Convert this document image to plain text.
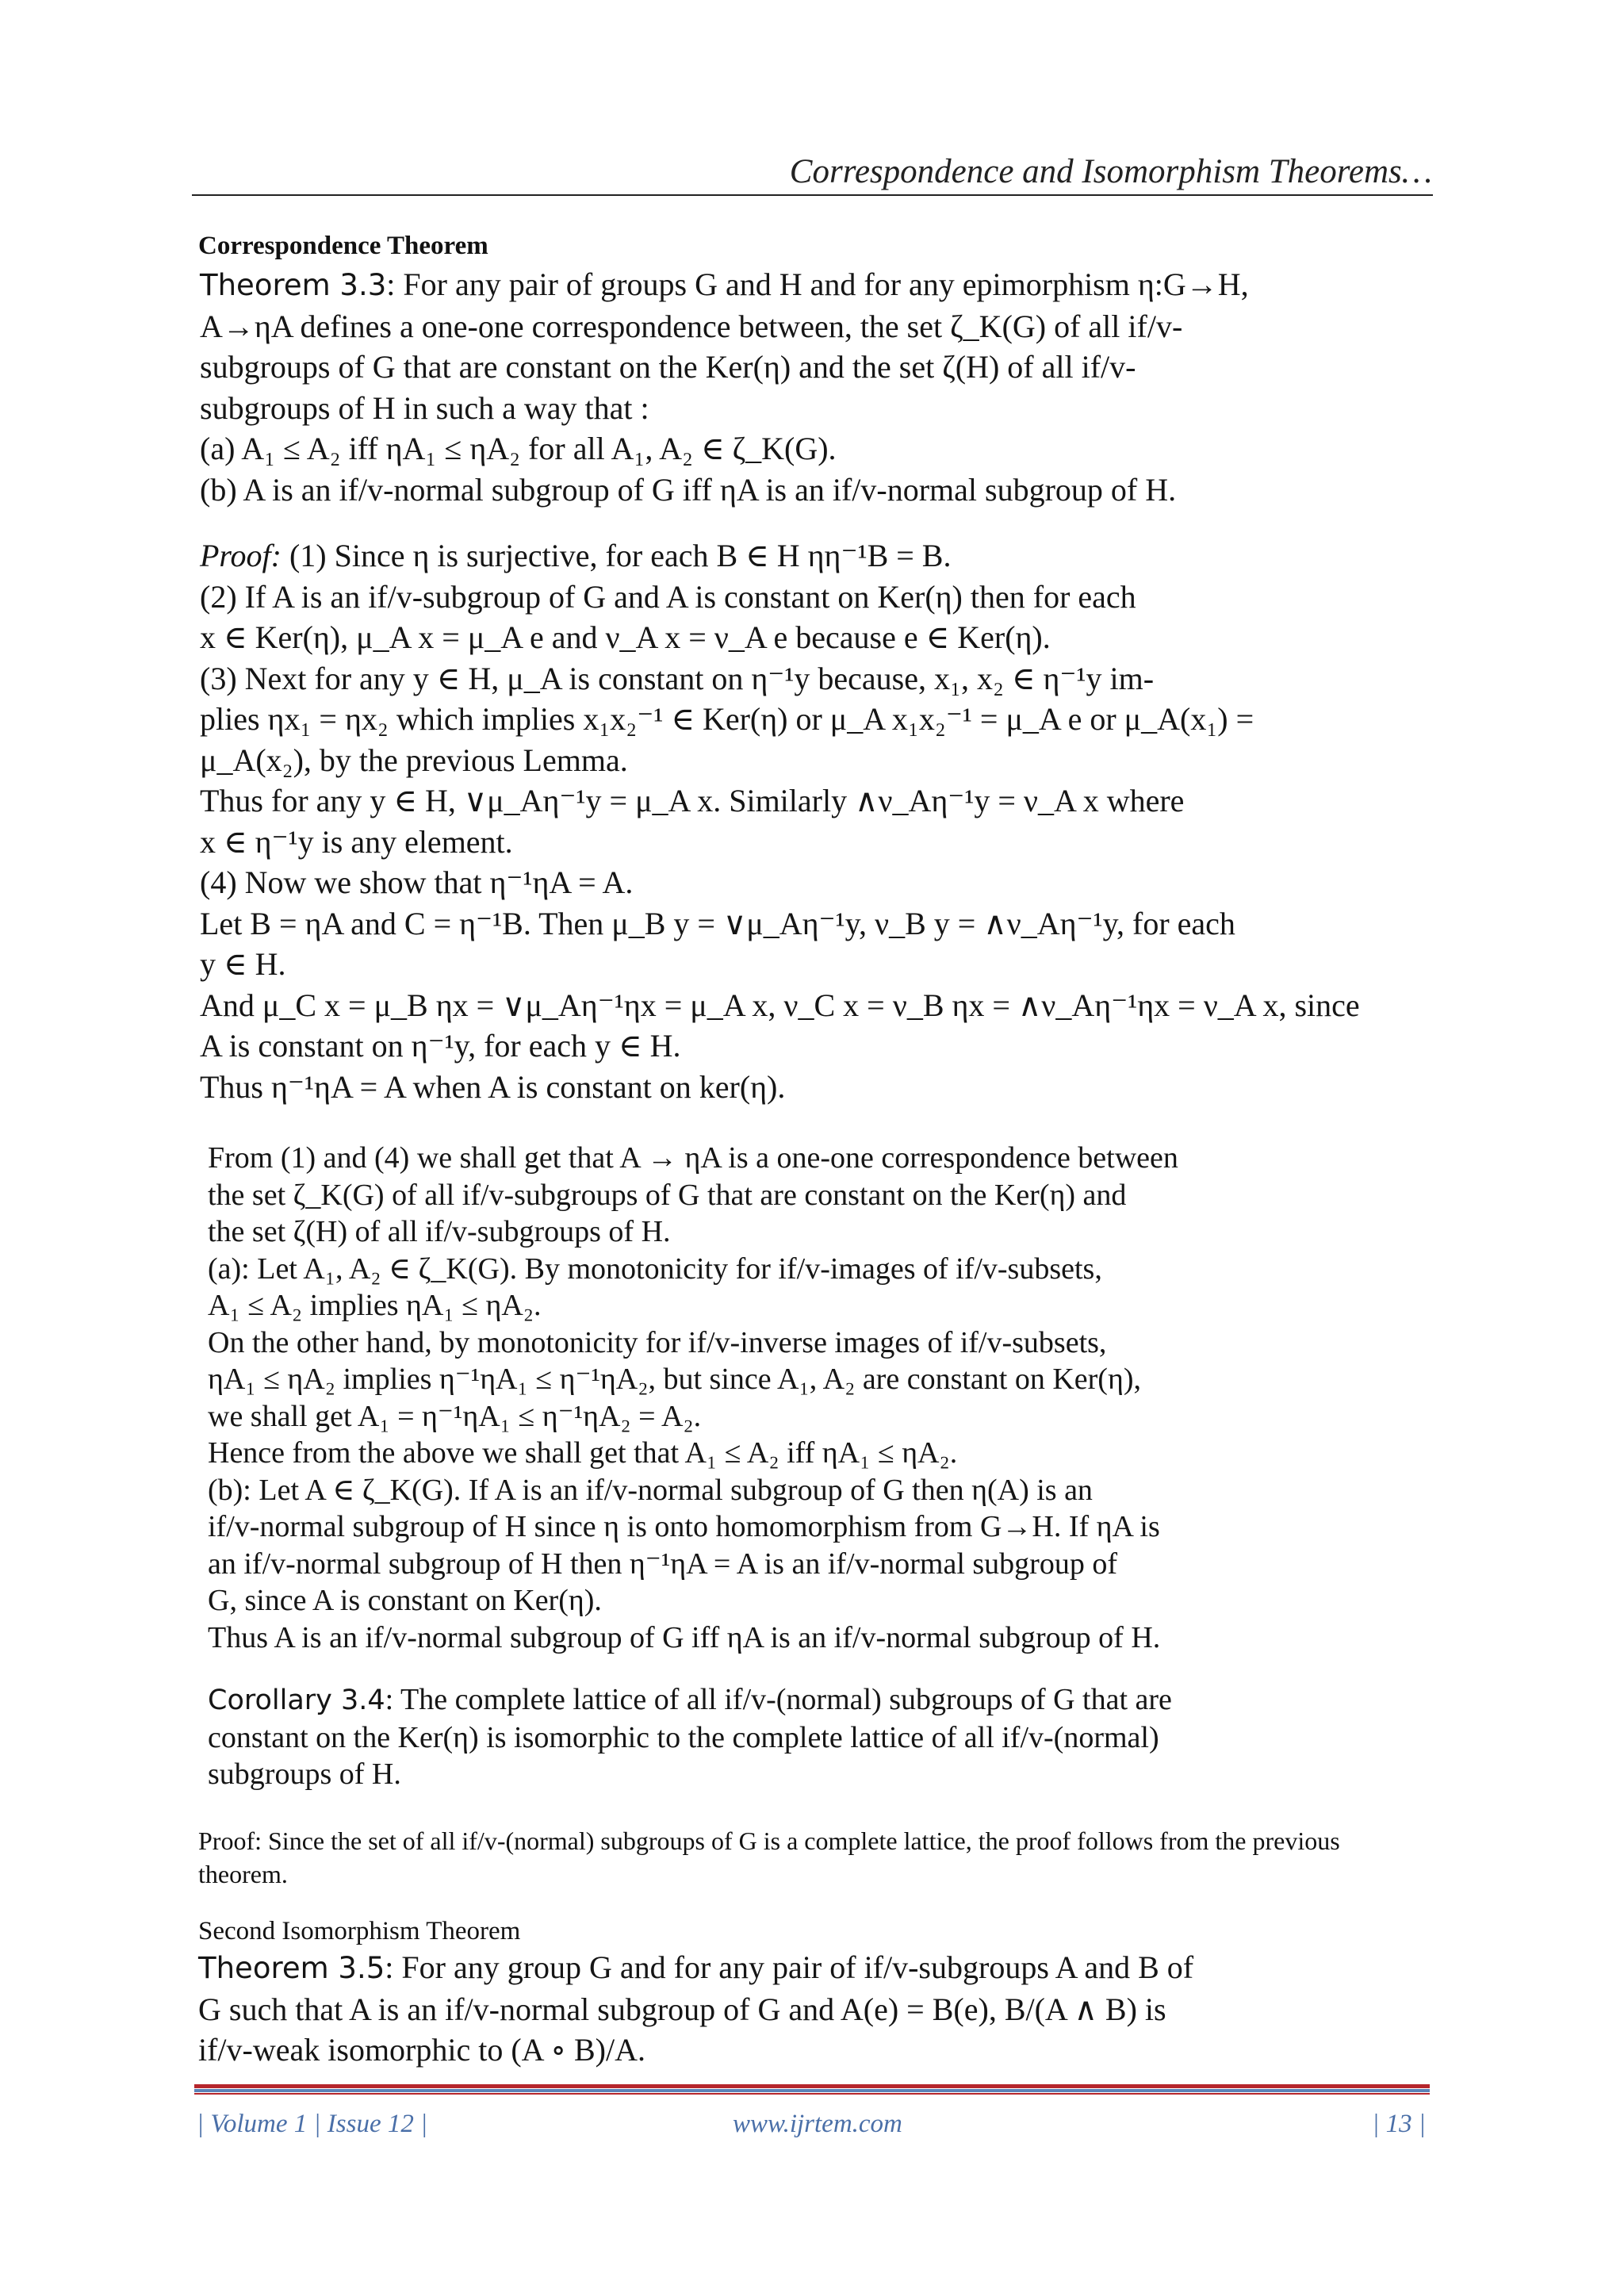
Correspondence and Isomorphism Theorems…
Correspondence Theorem
Theorem 3.3: For any pair of groups G and H and for any epimorphism η:G→H,
A→ηA defines a one-one correspondence between, the set ζ_K(G) of all if/v-
subgroups of G that are constant on the Ker(η) and the set ζ(H) of all if/v-
subgroups of H in such a way that :
(a) A₁ ≤ A₂ iff ηA₁ ≤ ηA₂ for all A₁, A₂ ∈ ζ_K(G).
(b) A is an if/v-normal subgroup of G iff ηA is an if/v-normal subgroup of H.
Proof: (1) Since η is surjective, for each B ∈ H ηη⁻¹B = B.
(2) If A is an if/v-subgroup of G and A is constant on Ker(η) then for each
x ∈ Ker(η), μ_A x = μ_A e and ν_A x = ν_A e because e ∈ Ker(η).
(3) Next for any y ∈ H, μ_A is constant on η⁻¹y because, x₁, x₂ ∈ η⁻¹y im-
plies ηx₁ = ηx₂ which implies x₁x₂⁻¹ ∈ Ker(η) or μ_A x₁x₂⁻¹ = μ_A e or μ_A(x₁) =
μ_A(x₂), by the previous Lemma.
Thus for any y ∈ H, ∨μ_Aη⁻¹y = μ_A x. Similarly ∧ν_Aη⁻¹y = ν_A x where
x ∈ η⁻¹y is any element.
(4) Now we show that η⁻¹ηA = A.
Let B = ηA and C = η⁻¹B. Then μ_B y = ∨μ_Aη⁻¹y, ν_B y = ∧ν_Aη⁻¹y, for each
y ∈ H.
And μ_C x = μ_B ηx = ∨μ_Aη⁻¹ηx = μ_A x, ν_C x = ν_B ηx = ∧ν_Aη⁻¹ηx = ν_A x, since
A is constant on η⁻¹y, for each y ∈ H.
Thus η⁻¹ηA = A when A is constant on ker(η).
From (1) and (4) we shall get that A → ηA is a one-one correspondence between
the set ζ_K(G) of all if/v-subgroups of G that are constant on the Ker(η) and
the set ζ(H) of all if/v-subgroups of H.
(a): Let A₁, A₂ ∈ ζ_K(G). By monotonicity for if/v-images of if/v-subsets,
A₁ ≤ A₂ implies ηA₁ ≤ ηA₂.
On the other hand, by monotonicity for if/v-inverse images of if/v-subsets,
ηA₁ ≤ ηA₂ implies η⁻¹ηA₁ ≤ η⁻¹ηA₂, but since A₁, A₂ are constant on Ker(η),
we shall get A₁ = η⁻¹ηA₁ ≤ η⁻¹ηA₂ = A₂.
Hence from the above we shall get that A₁ ≤ A₂ iff ηA₁ ≤ ηA₂.
(b): Let A ∈ ζ_K(G). If A is an if/v-normal subgroup of G then η(A) is an
if/v-normal subgroup of H since η is onto homomorphism from G→H. If ηA is
an if/v-normal subgroup of H then η⁻¹ηA = A is an if/v-normal subgroup of
G, since A is constant on Ker(η).
Thus A is an if/v-normal subgroup of G iff ηA is an if/v-normal subgroup of H.
Corollary 3.4: The complete lattice of all if/v-(normal) subgroups of G that are
constant on the Ker(η) is isomorphic to the complete lattice of all if/v-(normal)
subgroups of H.
Proof: Since the set of all if/v-(normal) subgroups of G is a complete lattice, the proof follows from the previous
theorem.
Second Isomorphism Theorem
Theorem 3.5: For any group G and for any pair of if/v-subgroups A and B of
G such that A is an if/v-normal subgroup of G and A(e) = B(e), B/(A ∧ B) is
if/v-weak isomorphic to (A ∘ B)/A.
| Volume 1 | Issue 12 |	www.ijrtem.com	| 13 |
